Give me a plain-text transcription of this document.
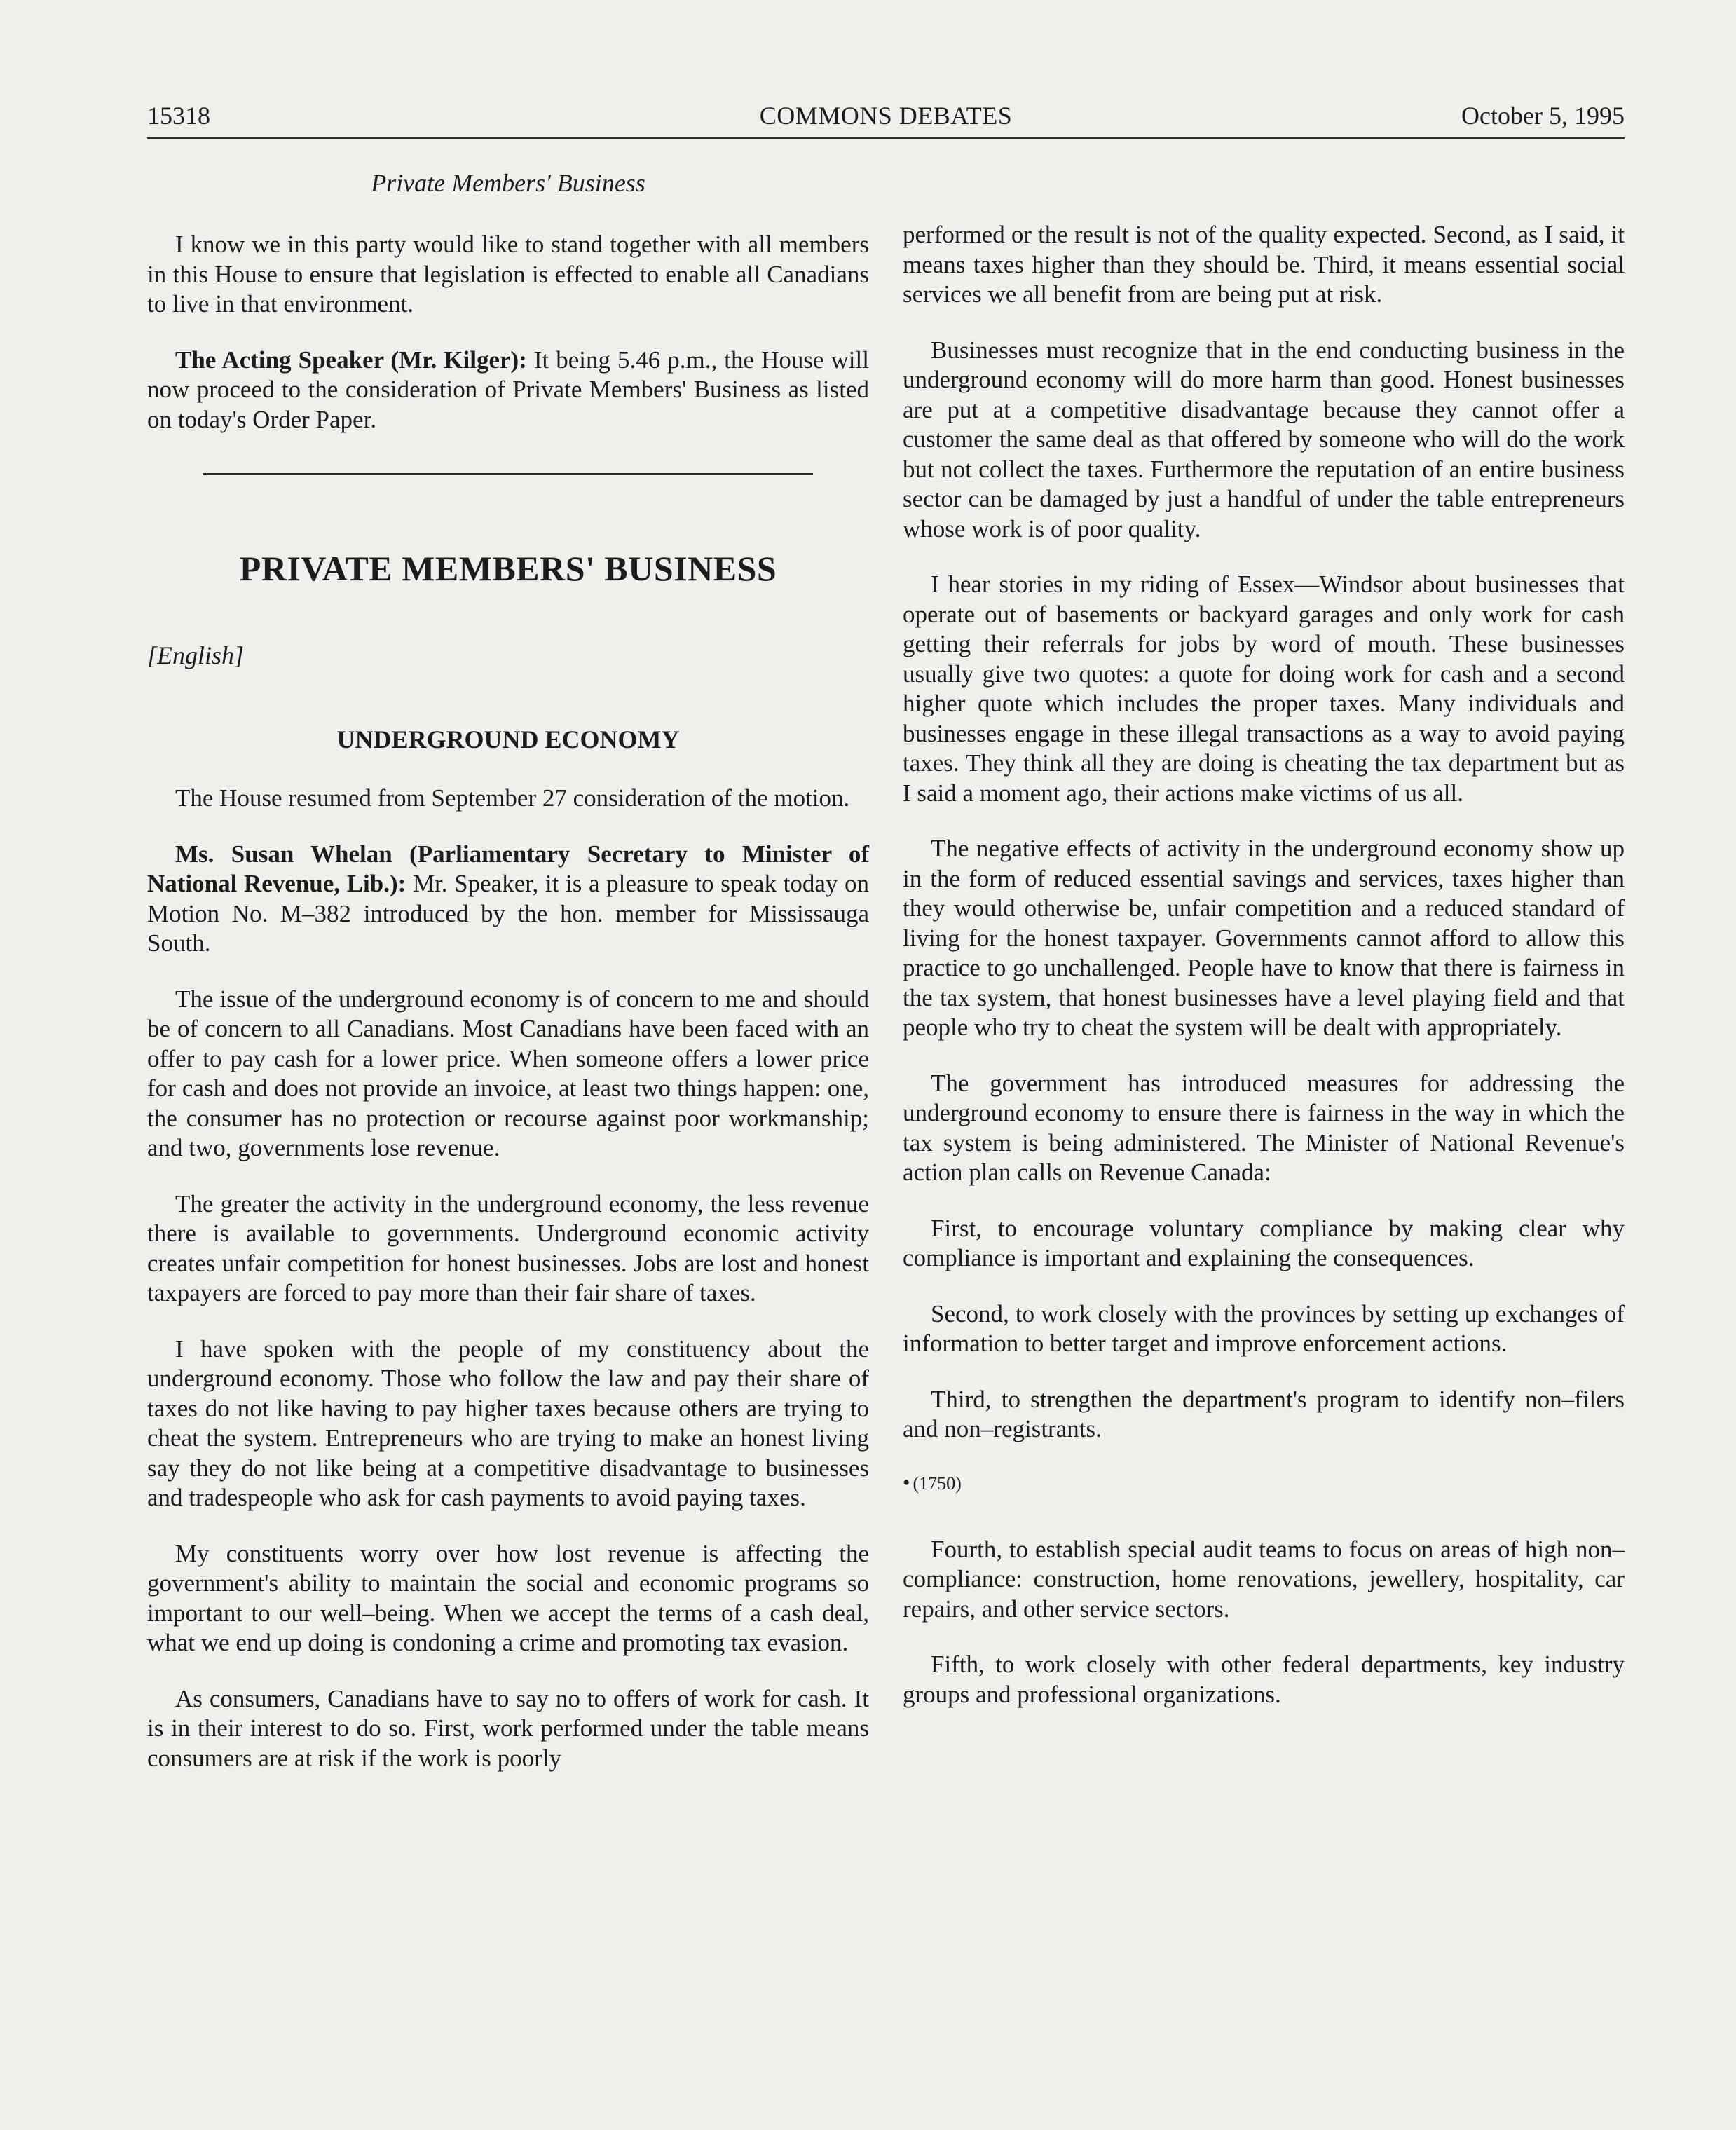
15318	COMMONS DEBATES	October 5, 1995
Private Members' Business

I know we in this party would like to stand together with all members in this House to ensure that legislation is effected to enable all Canadians to live in that environment.

The Acting Speaker (Mr. Kilger): It being 5.46 p.m., the House will now proceed to the consideration of Private Members' Business as listed on today's Order Paper.

PRIVATE MEMBERS' BUSINESS
[English]
UNDERGROUND ECONOMY

The House resumed from September 27 consideration of the motion.

Ms. Susan Whelan (Parliamentary Secretary to Minister of National Revenue, Lib.): Mr. Speaker, it is a pleasure to speak today on Motion No. M–382 introduced by the hon. member for Mississauga South.

The issue of the underground economy is of concern to me and should be of concern to all Canadians. Most Canadians have been faced with an offer to pay cash for a lower price. When someone offers a lower price for cash and does not provide an invoice, at least two things happen: one, the consumer has no protection or recourse against poor workmanship; and two, governments lose revenue.

The greater the activity in the underground economy, the less revenue there is available to governments. Underground economic activity creates unfair competition for honest businesses. Jobs are lost and honest taxpayers are forced to pay more than their fair share of taxes.

I have spoken with the people of my constituency about the underground economy. Those who follow the law and pay their share of taxes do not like having to pay higher taxes because others are trying to cheat the system. Entrepreneurs who are trying to make an honest living say they do not like being at a competitive disadvantage to businesses and tradespeople who ask for cash payments to avoid paying taxes.

My constituents worry over how lost revenue is affecting the government's ability to maintain the social and economic programs so important to our well–being. When we accept the terms of a cash deal, what we end up doing is condoning a crime and promoting tax evasion.

As consumers, Canadians have to say no to offers of work for cash. It is in their interest to do so. First, work performed under the table means consumers are at risk if the work is poorly

performed or the result is not of the quality expected. Second, as I said, it means taxes higher than they should be. Third, it means essential social services we all benefit from are being put at risk.

Businesses must recognize that in the end conducting business in the underground economy will do more harm than good. Honest businesses are put at a competitive disadvantage because they cannot offer a customer the same deal as that offered by someone who will do the work but not collect the taxes. Furthermore the reputation of an entire business sector can be damaged by just a handful of under the table entrepreneurs whose work is of poor quality.

I hear stories in my riding of Essex—Windsor about businesses that operate out of basements or backyard garages and only work for cash getting their referrals for jobs by word of mouth. These businesses usually give two quotes: a quote for doing work for cash and a second higher quote which includes the proper taxes. Many individuals and businesses engage in these illegal transactions as a way to avoid paying taxes. They think all they are doing is cheating the tax department but as I said a moment ago, their actions make victims of us all.

The negative effects of activity in the underground economy show up in the form of reduced essential savings and services, taxes higher than they would otherwise be, unfair competition and a reduced standard of living for the honest taxpayer. Governments cannot afford to allow this practice to go unchallenged. People have to know that there is fairness in the tax system, that honest businesses have a level playing field and that people who try to cheat the system will be dealt with appropriately.

The government has introduced measures for addressing the underground economy to ensure there is fairness in the way in which the tax system is being administered. The Minister of National Revenue's action plan calls on Revenue Canada:

First, to encourage voluntary compliance by making clear why compliance is important and explaining the consequences.

Second, to work closely with the provinces by setting up exchanges of information to better target and improve enforcement actions.

Third, to strengthen the department's program to identify non–filers and non–registrants.

• (1750)

Fourth, to establish special audit teams to focus on areas of high non–compliance: construction, home renovations, jewellery, hospitality, car repairs, and other service sectors.

Fifth, to work closely with other federal departments, key industry groups and professional organizations.
